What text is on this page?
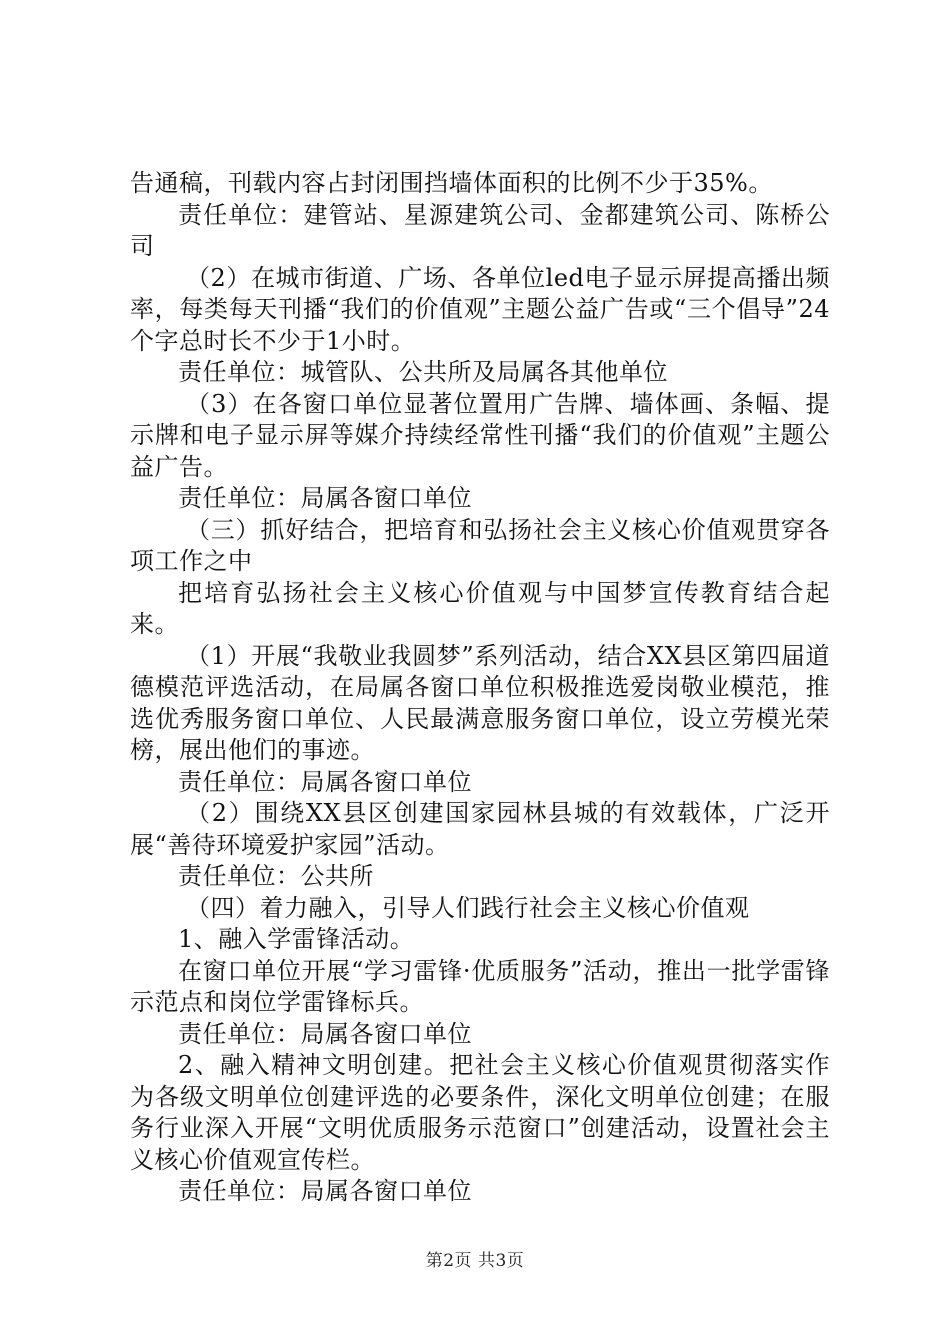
告通稿，刊载内容占封闭围挡墙体面积的比例不少于35%。

责任单位：建管站、星源建筑公司、金都建筑公司、陈桥公司

（2）在城市街道、广场、各单位led电子显示屏提高播出频率，每类每天刊播“我们的价值观”主题公益广告或“三个倡导”24个字总时长不少于1小时。

责任单位：城管队、公共所及局属各其他单位

（3）在各窗口单位显著位置用广告牌、墙体画、条幅、提示牌和电子显示屏等媒介持续经常性刊播“我们的价值观”主题公益广告。

责任单位：局属各窗口单位

（三）抓好结合，把培育和弘扬社会主义核心价值观贯穿各项工作之中

把培育弘扬社会主义核心价值观与中国梦宣传教育结合起来。

（1）开展“我敬业我圆梦”系列活动，结合XX县区第四届道德模范评选活动，在局属各窗口单位积极推选爱岗敬业模范，推选优秀服务窗口单位、人民最满意服务窗口单位，设立劳模光荣榜，展出他们的事迹。

责任单位：局属各窗口单位

（2）围绕XX县区创建国家园林县城的有效载体，广泛开展“善待环境爱护家园”活动。

责任单位：公共所

（四）着力融入，引导人们践行社会主义核心价值观

1、融入学雷锋活动。

在窗口单位开展“学习雷锋·优质服务”活动，推出一批学雷锋示范点和岗位学雷锋标兵。

责任单位：局属各窗口单位

2、融入精神文明创建。把社会主义核心价值观贯彻落实作为各级文明单位创建评选的必要条件，深化文明单位创建；在服务行业深入开展“文明优质服务示范窗口”创建活动，设置社会主义核心价值观宣传栏。

责任单位：局属各窗口单位

第2页 共3页
